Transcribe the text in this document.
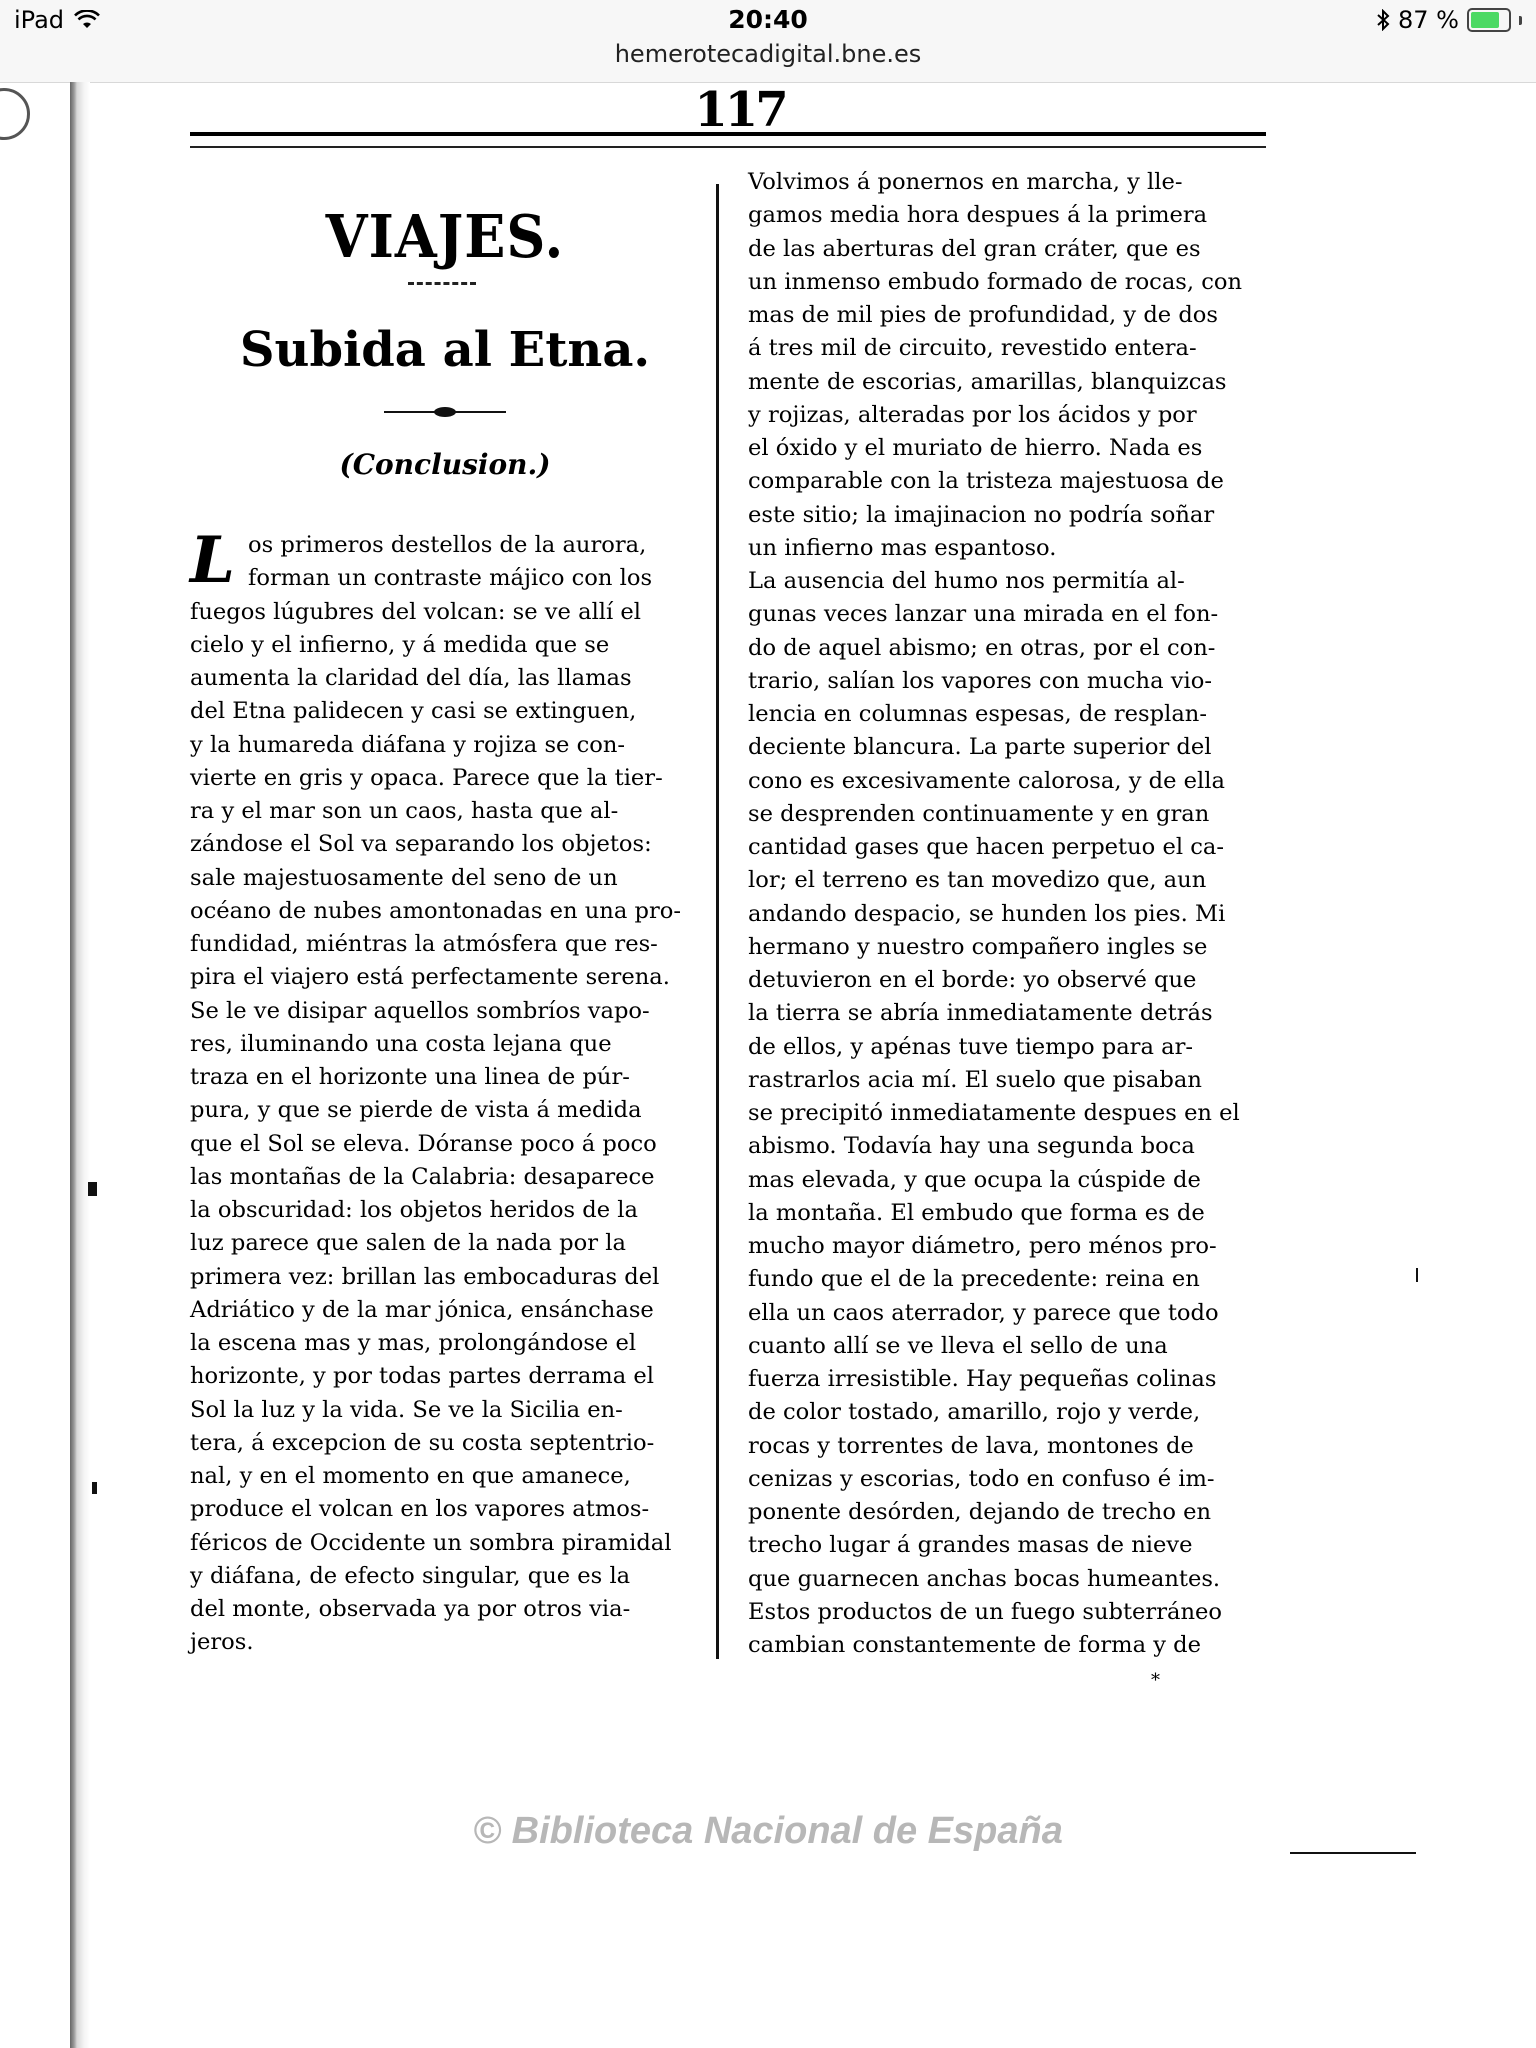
iPad	20:40
hemerotecadigital.bne.es
87 %
117
VIAJES.
Subida al Etna.
(Conclusion.)
os primeros destellos de la aurora,
forman un contraste májico con los
fuegos lúgubres del volcan: se ve allí el
cielo y el infierno, y á medida que se
aumenta la claridad del día, las llamas
del Etna palidecen y casi se extinguen,
y la humareda diáfana y rojiza se con-
vierte en gris y opaca. Parece que la tier-
ra y el mar son un caos, hasta que al-
zándose el Sol va separando los objetos:
sale majestuosamente del seno de un
océano de nubes amontonadas en una pro-
fundidad, miéntras la atmósfera que res-
pira el viajero está perfectamente serena.
Se le ve disipar aquellos sombríos vapo-
res, iluminando una costa lejana que
traza en el horizonte una linea de púr-
pura, y que se pierde de vista á medida
que el Sol se eleva. Dóranse poco á poco
las montañas de la Calabria: desaparece
la obscuridad: los objetos heridos de la
luz parece que salen de la nada por la
primera vez: brillan las embocaduras del
Adriático y de la mar jónica, ensánchase
la escena mas y mas, prolongándose el
horizonte, y por todas partes derrama el
Sol la luz y la vida. Se ve la Sicilia en-
tera, á excepcion de su costa septentrio-
nal, y en el momento en que amanece,
produce el volcan en los vapores atmos-
féricos de Occidente un sombra piramidal
y diáfana, de efecto singular, que es la
del monte, observada ya por otros via-
jeros.
L
Volvimos á ponernos en marcha, y lle-
gamos media hora despues á la primera
de las aberturas del gran cráter, que es
un inmenso embudo formado de rocas, con
mas de mil pies de profundidad, y de dos
á tres mil de circuito, revestido entera-
mente de escorias, amarillas, blanquizcas
y rojizas, alteradas por los ácidos y por
el óxido y el muriato de hierro. Nada es
comparable con la tristeza majestuosa de
este sitio; la imajinacion no podría soñar
un infierno mas espantoso.
La ausencia del humo nos permitía al-
gunas veces lanzar una mirada en el fon-
do de aquel abismo; en otras, por el con-
trario, salían los vapores con mucha vio-
lencia en columnas espesas, de resplan-
deciente blancura. La parte superior del
cono es excesivamente calorosa, y de ella
se desprenden continuamente y en gran
cantidad gases que hacen perpetuo el ca-
lor; el terreno es tan movedizo que, aun
andando despacio, se hunden los pies. Mi
hermano y nuestro compañero ingles se
detuvieron en el borde: yo observé que
la tierra se abría inmediatamente detrás
de ellos, y apénas tuve tiempo para ar-
rastrarlos acia mí. El suelo que pisaban
se precipitó inmediatamente despues en el
abismo. Todavía hay una segunda boca
mas elevada, y que ocupa la cúspide de
la montaña. El embudo que forma es de
mucho mayor diámetro, pero ménos pro-
fundo que el de la precedente: reina en
ella un caos aterrador, y parece que todo
cuanto allí se ve lleva el sello de una
fuerza irresistible. Hay pequeñas colinas
de color tostado, amarillo, rojo y verde,
rocas y torrentes de lava, montones de
cenizas y escorias, todo en confuso é im-
ponente desórden, dejando de trecho en
trecho lugar á grandes masas de nieve
que guarnecen anchas bocas humeantes.
Estos productos de un fuego subterráneo
cambian constantemente de forma y de
*
© Biblioteca Nacional de España
